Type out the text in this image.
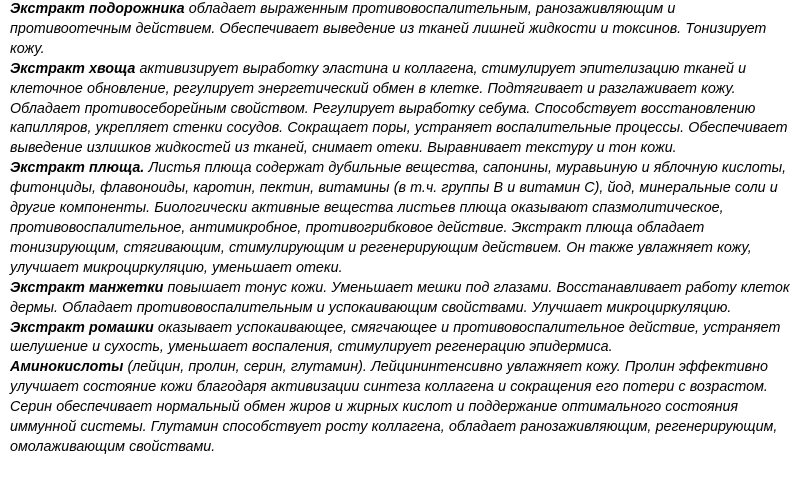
Экстракт подорожника обладает выраженным противовоспалительным, ранозаживляющим и противоотечным действием. Обеспечивает выведение из тканей лишней жидкости и токсинов. Тонизирует кожу.

Экстракт хвоща активизирует выработку эластина и коллагена, стимулирует эпителизацию тканей и клеточное обновление, регулирует энергетический обмен в клетке. Подтягивает и разглаживает кожу. Обладает противосеборейным свойством. Регулирует выработку себума. Способствует восстановлению капилляров, укрепляет стенки сосудов. Сокращает поры, устраняет воспалительные процессы. Обеспечивает выведение излишков жидкостей из тканей, снимает отеки. Выравнивает текстуру и тон кожи.

Экстракт плюща. Листья плюща содержат дубильные вещества, сапонины, муравьиную и яблочную кислоты, фитонциды, флавоноиды, каротин, пектин, витамины (в т.ч. группы В и витамин С), йод, минеральные соли и другие компоненты. Биологически активные вещества листьев плюща оказывают спазмолитическое, противовоспалительное, антимикробное, противогрибковое действие. Экстракт плюща обладает тонизирующим, стягивающим, стимулирующим и регенерирующим действием. Он также увлажняет кожу, улучшает микроциркуляцию, уменьшает отеки.

Экстракт манжетки повышает тонус кожи. Уменьшает мешки под глазами. Восстанавливает работу клеток дермы. Обладает противовоспалительным и успокаивающим свойствами. Улучшает микроциркуляцию.

Экстракт ромашки оказывает успокаивающее, смягчающее и противовоспалительное действие, устраняет шелушение и сухость, уменьшает воспаления, стимулирует регенерацию эпидермиса.

Аминокислоты (лейцин, пролин, серин, глутамин). Лейцининтенсивно увлажняет кожу. Пролин эффективно улучшает состояние кожи благодаря активизации синтеза коллагена и сокращения его потери с возрастом. Серин обеспечивает нормальный обмен жиров и жирных кислот и поддержание оптимального состояния иммунной системы. Глутамин способствует росту коллагена, обладает ранозаживляющим, регенерирующим, омолаживающим свойствами.
